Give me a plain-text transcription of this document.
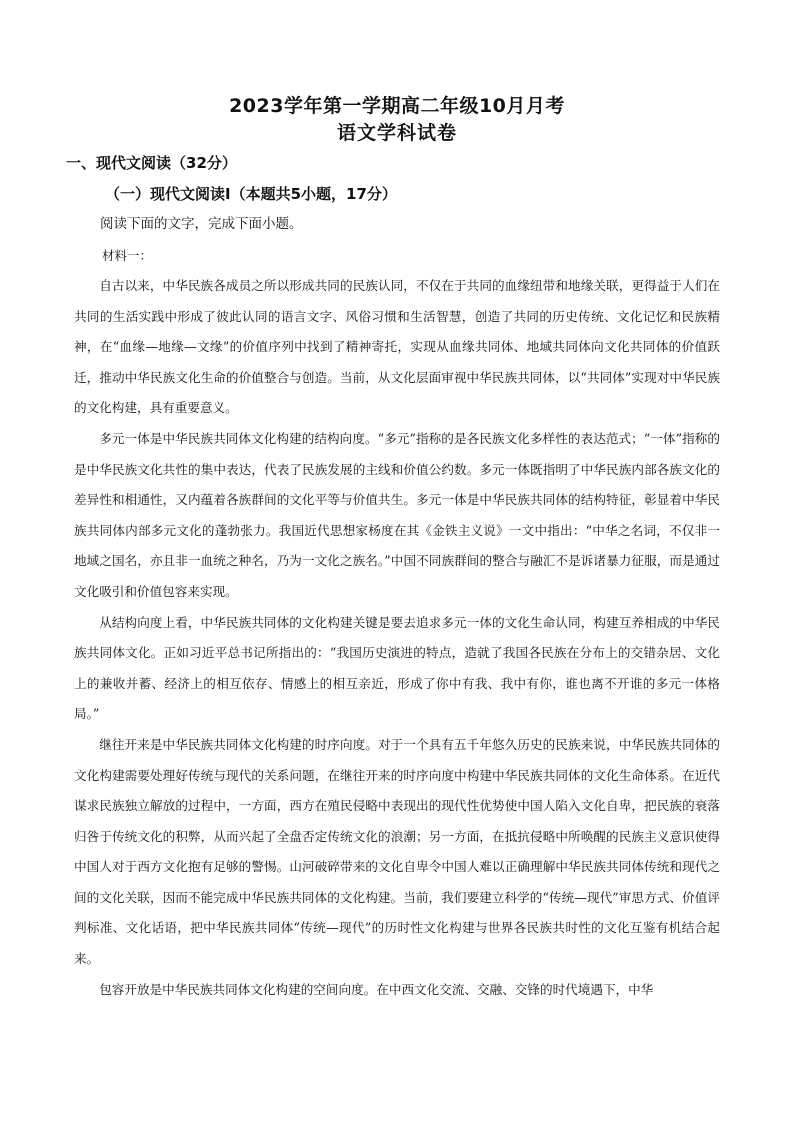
2023学年第一学期高二年级10月月考
语文学科试卷
一、现代文阅读（32分）
（一）现代文阅读Ⅰ（本题共5小题，17分）
阅读下面的文字，完成下面小题。
材料一：

自古以来，中华民族各成员之所以形成共同的民族认同，不仅在于共同的血缘纽带和地缘关联，更得益于人们在共同的生活实践中形成了彼此认同的语言文字、风俗习惯和生活智慧，创造了共同的历史传统、文化记忆和民族精神，在“血缘—地缘—文缘”的价值序列中找到了精神寄托，实现从血缘共同体、地域共同体向文化共同体的价值跃迁，推动中华民族文化生命的价值整合与创造。当前，从文化层面审视中华民族共同体，以“共同体”实现对中华民族的文化构建，具有重要意义。

多元一体是中华民族共同体文化构建的结构向度。“多元”指称的是各民族文化多样性的表达范式；“一体”指称的是中华民族文化共性的集中表达，代表了民族发展的主线和价值公约数。多元一体既指明了中华民族内部各族文化的差异性和相通性，又内蕴着各族群间的文化平等与价值共生。多元一体是中华民族共同体的结构特征，彰显着中华民族共同体内部多元文化的蓬勃张力。我国近代思想家杨度在其《金铁主义说》一文中指出：“中华之名词，不仅非一地域之国名，亦且非一血统之种名，乃为一文化之族名。”中国不同族群间的整合与融汇不是诉诸暴力征服，而是通过文化吸引和价值包容来实现。

从结构向度上看，中华民族共同体的文化构建关键是要去追求多元一体的文化生命认同，构建互养相成的中华民族共同体文化。正如习近平总书记所指出的：“我国历史演进的特点，造就了我国各民族在分布上的交错杂居、文化上的兼收并蓄、经济上的相互依存、情感上的相互亲近，形成了你中有我、我中有你，谁也离不开谁的多元一体格局。”

继往开来是中华民族共同体文化构建的时序向度。对于一个具有五千年悠久历史的民族来说，中华民族共同体的文化构建需要处理好传统与现代的关系问题，在继往开来的时序向度中构建中华民族共同体的文化生命体系。在近代谋求民族独立解放的过程中，一方面，西方在殖民侵略中表现出的现代性优势使中国人陷入文化自卑，把民族的衰落归咎于传统文化的积弊，从而兴起了全盘否定传统文化的浪潮；另一方面，在抵抗侵略中所唤醒的民族主义意识使得中国人对于西方文化抱有足够的警惕。山河破碎带来的文化自卑令中国人难以正确理解中华民族共同体传统和现代之间的文化关联，因而不能完成中华民族共同体的文化构建。当前，我们要建立科学的“传统—现代”审思方式、价值评判标准、文化话语，把中华民族共同体“传统—现代”的历时性文化构建与世界各民族共时性的文化互鉴有机结合起来。

包容开放是中华民族共同体文化构建的空间向度。在中西文化交流、交融、交锋的时代境遇下，中华
